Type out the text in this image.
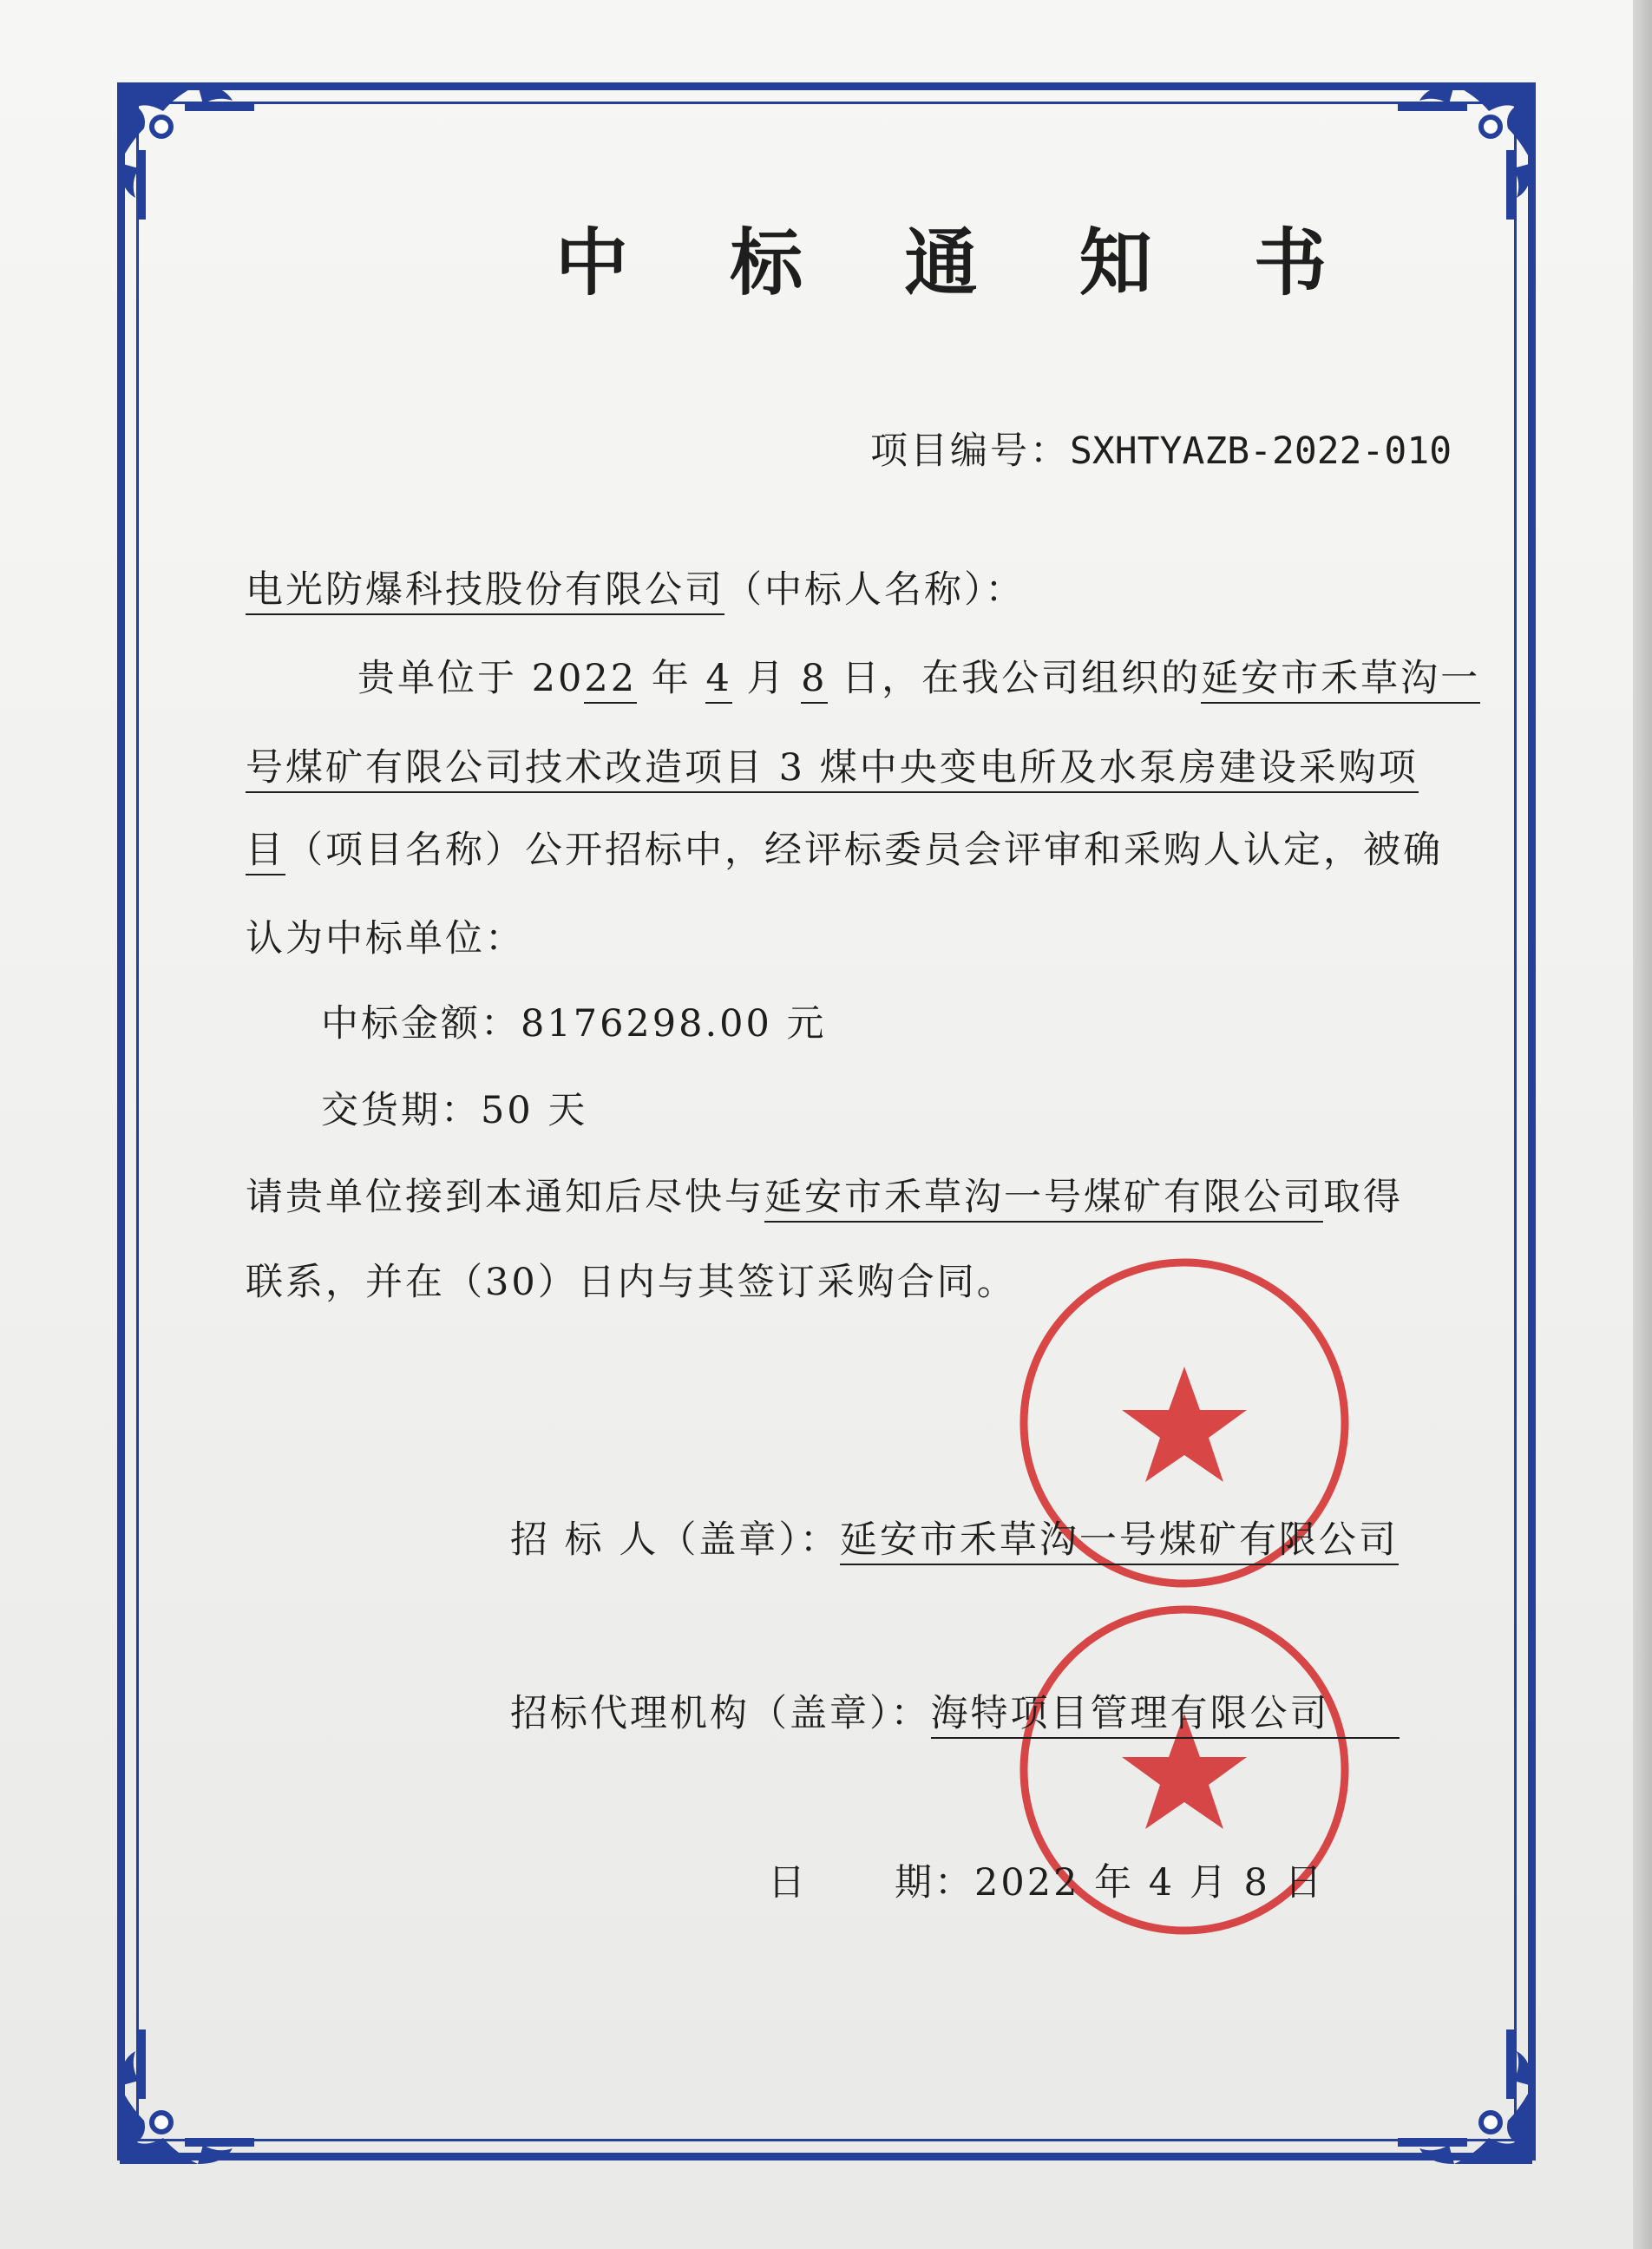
中 标 通 知 书
项目编号：SXHTYAZB-2022-010
电光防爆科技股份有限公司（中标人名称）：
贵单位于 2022 年 4 月 8 日，在我公司组织的延安市禾草沟一
号煤矿有限公司技术改造项目 3 煤中央变电所及水泵房建设采购项
目（项目名称）公开招标中，经评标委员会评审和采购人认定，被确
认为中标单位：
中标金额：8176298.00 元
交货期：50 天
请贵单位接到本通知后尽快与延安市禾草沟一号煤矿有限公司取得
联系，并在（30）日内与其签订采购合同。
招 标 人（盖章）：延安市禾草沟一号煤矿有限公司
招标代理机构（盖章）：海特项目管理有限公司
日      期：2022 年 4 月 8 日
